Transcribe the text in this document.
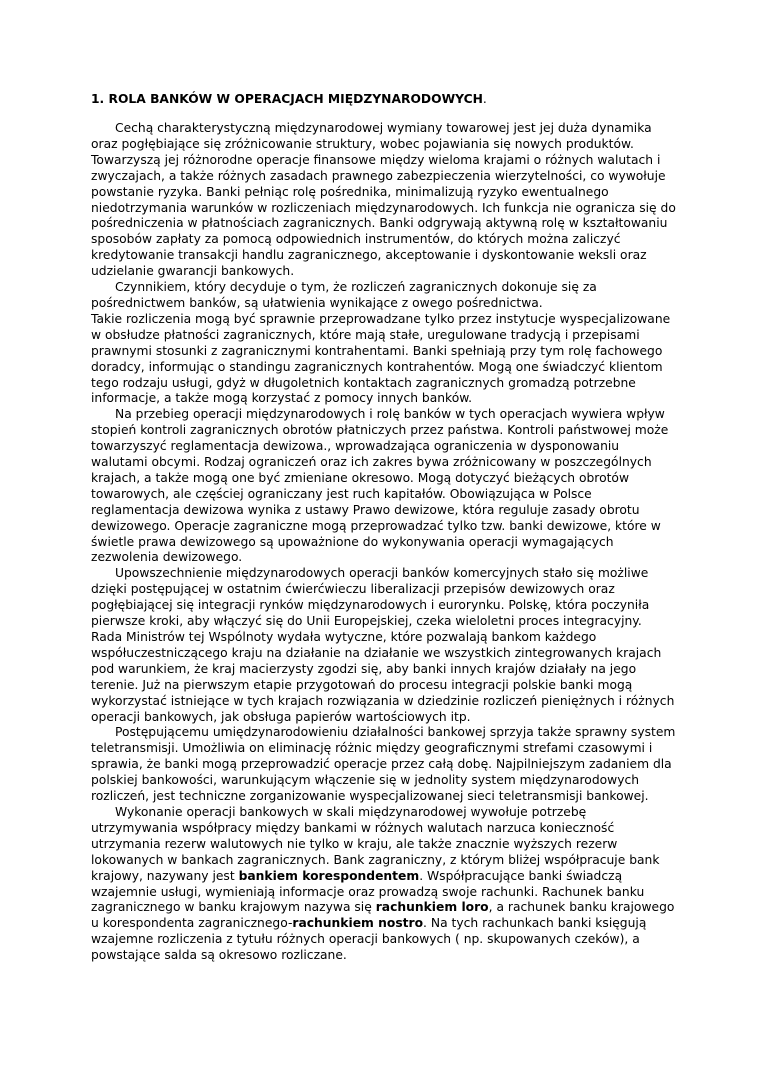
1. ROLA BANKÓW W OPERACJACH MIĘDZYNARODOWYCH.

Cechą charakterystyczną międzynarodowej wymiany towarowej jest jej duża dynamika oraz pogłębiające się zróżnicowanie struktury, wobec pojawiania się nowych produktów. Towarzyszą jej różnorodne operacje finansowe między wieloma krajami o różnych walutach i zwyczajach, a także różnych zasadach prawnego zabezpieczenia wierzytelności, co wywołuje powstanie ryzyka. Banki pełniąc rolę pośrednika, minimalizują ryzyko ewentualnego niedotrzymania warunków w rozliczeniach międzynarodowych. Ich funkcja nie ogranicza się do pośredniczenia w płatnościach zagranicznych. Banki odgrywają aktywną rolę w kształtowaniu sposobów zapłaty za pomocą odpowiednich instrumentów, do których można zaliczyć kredytowanie transakcji handlu zagranicznego, akceptowanie i dyskontowanie weksli oraz udzielanie gwarancji bankowych.

Czynnikiem, który decyduje o tym, że rozliczeń zagranicznych dokonuje się za pośrednictwem banków, są ułatwienia wynikające z owego pośrednictwa.

Takie rozliczenia mogą być sprawnie przeprowadzane tylko przez instytucje wyspecjalizowane w obsłudze płatności zagranicznych, które mają stałe, uregulowane tradycją i przepisami prawnymi stosunki z zagranicznymi kontrahentami. Banki spełniają przy tym rolę fachowego doradcy, informując o standingu zagranicznych kontrahentów. Mogą one świadczyć klientom tego rodzaju usługi, gdyż w długoletnich kontaktach zagranicznych gromadzą potrzebne informacje, a także mogą korzystać z pomocy innych banków.

Na przebieg operacji międzynarodowych i rolę banków w tych operacjach wywiera wpływ stopień kontroli zagranicznych obrotów płatniczych przez państwa. Kontroli państwowej może towarzyszyć reglamentacja dewizowa., wprowadzająca ograniczenia w dysponowaniu walutami obcymi. Rodzaj ograniczeń oraz ich zakres bywa zróżnicowany w poszczególnych krajach, a także mogą one być zmieniane okresowo. Mogą dotyczyć bieżących obrotów towarowych, ale częściej ograniczany jest ruch kapitałów. Obowiązująca w Polsce reglamentacja dewizowa wynika z ustawy Prawo dewizowe, która reguluje zasady obrotu dewizowego. Operacje zagraniczne mogą przeprowadzać tylko tzw. banki dewizowe, które w świetle prawa dewizowego są upoważnione do wykonywania operacji wymagających zezwolenia dewizowego.

Upowszechnienie międzynarodowych operacji banków komercyjnych stało się możliwe dzięki postępującej w ostatnim ćwierćwieczu liberalizacji przepisów dewizowych oraz pogłębiającej się integracji rynków międzynarodowych i eurorynku. Polskę, która poczyniła pierwsze kroki, aby włączyć się do Unii Europejskiej, czeka wieloletni proces integracyjny. Rada Ministrów tej Wspólnoty wydała wytyczne, które pozwalają bankom każdego współuczestniczącego kraju na działanie na działanie we wszystkich zintegrowanych krajach pod warunkiem, że kraj macierzysty zgodzi się, aby banki innych krajów działały na jego terenie. Już na pierwszym etapie przygotowań do procesu integracji polskie banki mogą wykorzystać istniejące w tych krajach rozwiązania w dziedzinie rozliczeń pieniężnych i różnych operacji bankowych, jak obsługa papierów wartościowych itp.

Postępującemu umiędzynarodowieniu działalności bankowej sprzyja także sprawny system teletransmisji. Umożliwia on eliminację różnic między geograficznymi strefami czasowymi i sprawia, że banki mogą przeprowadzić operacje przez całą dobę. Najpilniejszym zadaniem dla polskiej bankowości, warunkującym włączenie się w jednolity system międzynarodowych rozliczeń, jest techniczne zorganizowanie wyspecjalizowanej sieci teletransmisji bankowej.

Wykonanie operacji bankowych w skali międzynarodowej wywołuje potrzebę utrzymywania współpracy między bankami w różnych walutach narzuca konieczność utrzymania rezerw walutowych nie tylko w kraju, ale także znacznie wyższych rezerw lokowanych w bankach zagranicznych. Bank zagraniczny, z którym bliżej współpracuje bank krajowy, nazywany jest bankiem korespondentem. Współpracujące banki świadczą wzajemnie usługi, wymieniają informacje oraz prowadzą swoje rachunki. Rachunek banku zagranicznego w banku krajowym nazywa się rachunkiem loro, a rachunek banku krajowego u korespondenta zagranicznego-rachunkiem nostro. Na tych rachunkach banki księgują wzajemne rozliczenia z tytułu różnych operacji bankowych ( np. skupowanych czeków), a powstające salda są okresowo rozliczane.
